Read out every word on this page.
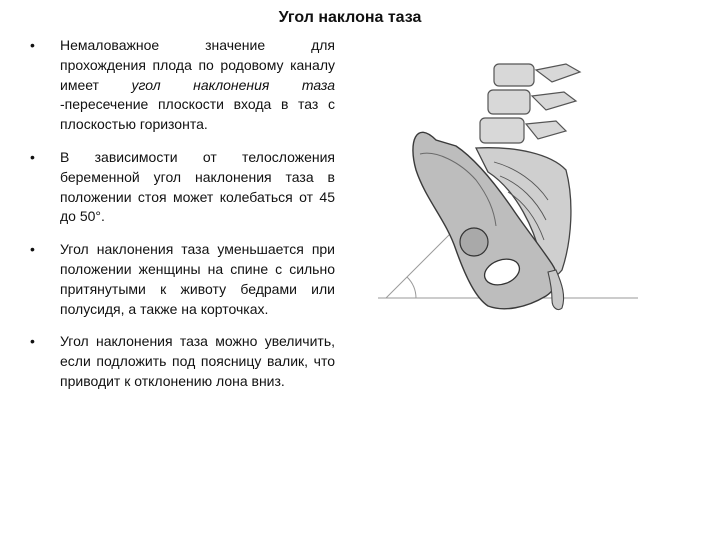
Угол наклона таза
• Немаловажное значение для прохождения плода по родовому каналу имеет угол наклонения таза -пересечение плоскости входа в таз с плоскостью горизонта.
• В зависимости от телосложения беременной угол наклонения таза в положении стоя может колебаться от 45 до 50°.
• Угол наклонения таза уменьшается при положении женщины на спине с сильно притянутыми к животу бедрами или полусидя, а также на корточках.
• Угол наклонения таза можно увеличить, если подложить под поясницу валик, что приводит к отклонению лона вниз.
